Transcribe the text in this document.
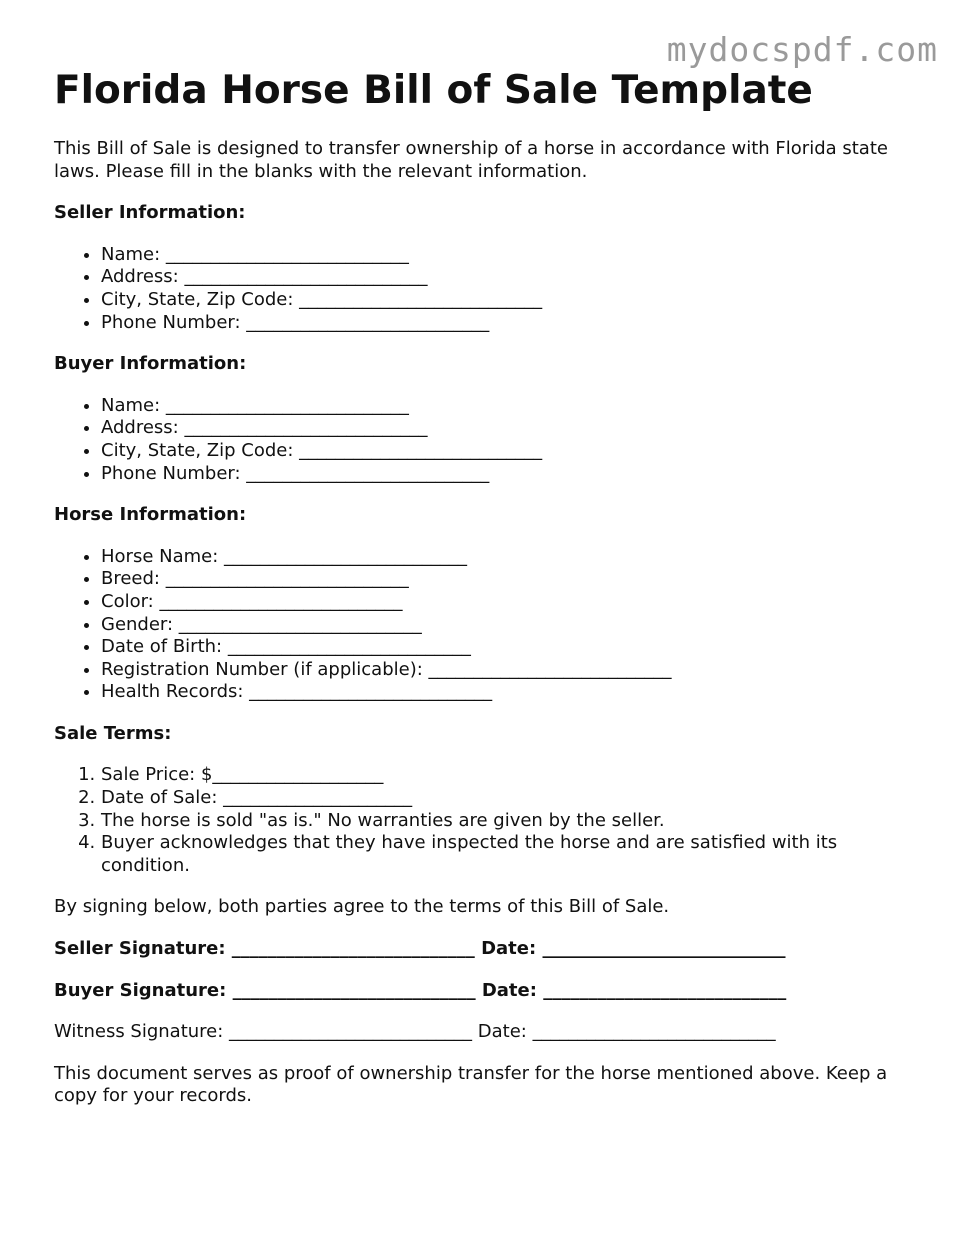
mydocspdf.com
Florida Horse Bill of Sale Template

This Bill of Sale is designed to transfer ownership of a horse in accordance with Florida state laws. Please fill in the blanks with the relevant information.

Seller Information:
• Name: ___________________________
• Address: ___________________________
• City, State, Zip Code: ___________________________
• Phone Number: ___________________________
Buyer Information:
• Name: ___________________________
• Address: ___________________________
• City, State, Zip Code: ___________________________
• Phone Number: ___________________________
Horse Information:
• Horse Name: ___________________________
• Breed: ___________________________
• Color: ___________________________
• Gender: ___________________________
• Date of Birth: ___________________________
• Registration Number (if applicable): ___________________________
• Health Records: ___________________________
Sale Terms:
1. Sale Price: $___________________
2. Date of Sale: _____________________
3. The horse is sold "as is." No warranties are given by the seller.
4. Buyer acknowledges that they have inspected the horse and are satisfied with its condition.

By signing below, both parties agree to the terms of this Bill of Sale.

Seller Signature: ___________________________ Date: ___________________________
Buyer Signature: ___________________________ Date: ___________________________
Witness Signature: ___________________________ Date: ___________________________

This document serves as proof of ownership transfer for the horse mentioned above. Keep a copy for your records.
